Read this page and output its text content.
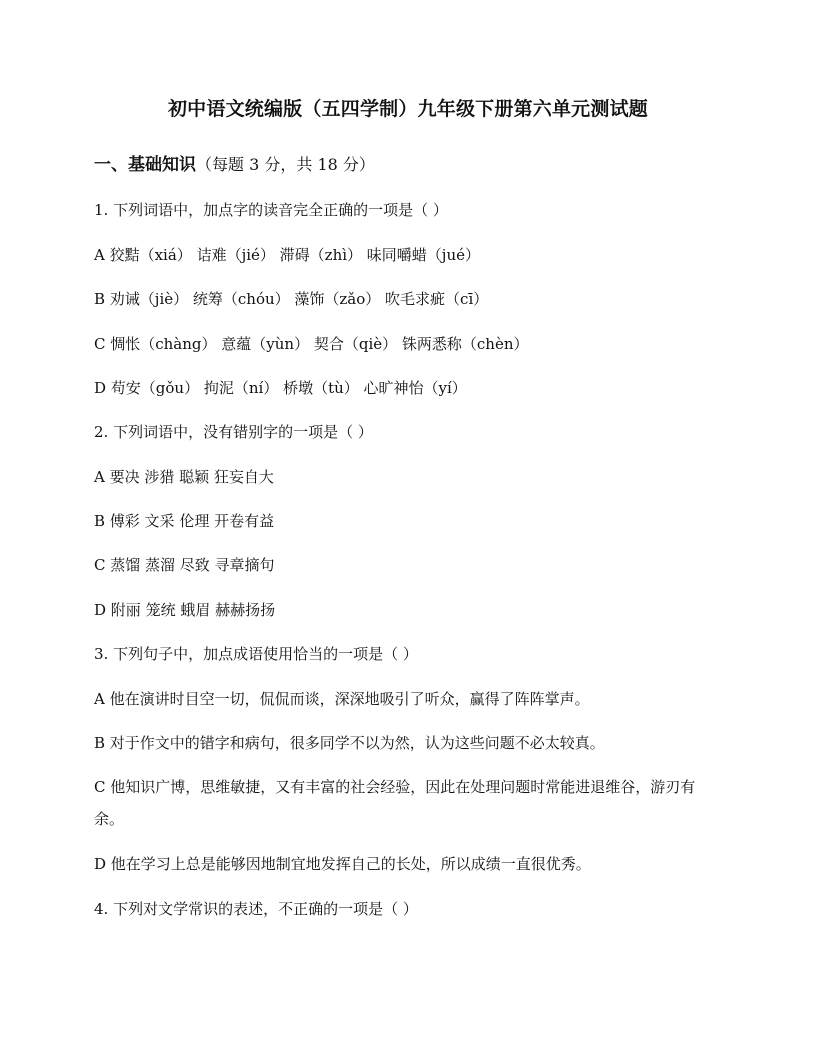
初中语文统编版（五四学制）九年级下册第六单元测试题
一、基础知识（每题 3 分，共 18 分）
1. 下列词语中，加点字的读音完全正确的一项是（ ）
A 狡黠（xiá） 诘难（jié） 滞碍（zhì） 味同嚼蜡（jué）
B 劝诫（jiè） 统筹（chóu） 藻饰（zǎo） 吹毛求疵（cī）
C 惆怅（chàng） 意蕴（yùn） 契合（qiè） 铢两悉称（chèn）
D 苟安（gǒu） 拘泥（ní） 桥墩（tù） 心旷神怡（yí）
2. 下列词语中，没有错别字的一项是（ ）
A 要决 涉猎 聪颖 狂妄自大
B 傅彩 文采 伦理 开卷有益
C 蒸馏 蒸溜 尽致 寻章摘句
D 附丽 笼统 蛾眉 赫赫扬扬
3. 下列句子中，加点成语使用恰当的一项是（ ）
A 他在演讲时目空一切，侃侃而谈，深深地吸引了听众，赢得了阵阵掌声。
B 对于作文中的错字和病句，很多同学不以为然，认为这些问题不必太较真。
C 他知识广博，思维敏捷，又有丰富的社会经验，因此在处理问题时常能进退维谷，游刃有余。
D 他在学习上总是能够因地制宜地发挥自己的长处，所以成绩一直很优秀。
4. 下列对文学常识的表述，不正确的一项是（ ）
